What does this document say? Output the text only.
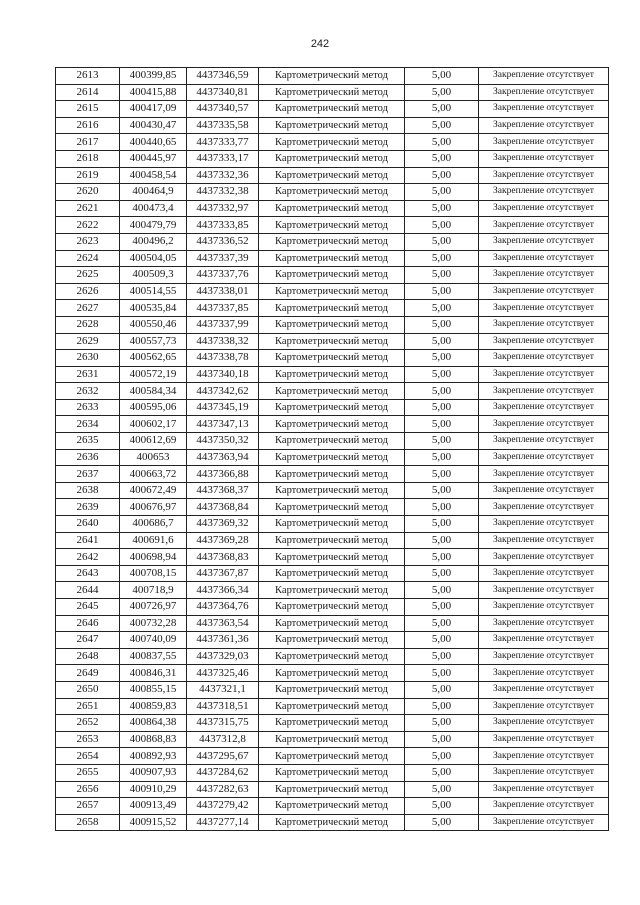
242
2613	400399,85	4437346,59	Картометрический метод	5,00	Закрепление отсутствует
2614	400415,88	4437340,81	Картометрический метод	5,00	Закрепление отсутствует
2615	400417,09	4437340,57	Картометрический метод	5,00	Закрепление отсутствует
2616	400430,47	4437335,58	Картометрический метод	5,00	Закрепление отсутствует
2617	400440,65	4437333,77	Картометрический метод	5,00	Закрепление отсутствует
2618	400445,97	4437333,17	Картометрический метод	5,00	Закрепление отсутствует
2619	400458,54	4437332,36	Картометрический метод	5,00	Закрепление отсутствует
2620	400464,9	4437332,38	Картометрический метод	5,00	Закрепление отсутствует
2621	400473,4	4437332,97	Картометрический метод	5,00	Закрепление отсутствует
2622	400479,79	4437333,85	Картометрический метод	5,00	Закрепление отсутствует
2623	400496,2	4437336,52	Картометрический метод	5,00	Закрепление отсутствует
2624	400504,05	4437337,39	Картометрический метод	5,00	Закрепление отсутствует
2625	400509,3	4437337,76	Картометрический метод	5,00	Закрепление отсутствует
2626	400514,55	4437338,01	Картометрический метод	5,00	Закрепление отсутствует
2627	400535,84	4437337,85	Картометрический метод	5,00	Закрепление отсутствует
2628	400550,46	4437337,99	Картометрический метод	5,00	Закрепление отсутствует
2629	400557,73	4437338,32	Картометрический метод	5,00	Закрепление отсутствует
2630	400562,65	4437338,78	Картометрический метод	5,00	Закрепление отсутствует
2631	400572,19	4437340,18	Картометрический метод	5,00	Закрепление отсутствует
2632	400584,34	4437342,62	Картометрический метод	5,00	Закрепление отсутствует
2633	400595,06	4437345,19	Картометрический метод	5,00	Закрепление отсутствует
2634	400602,17	4437347,13	Картометрический метод	5,00	Закрепление отсутствует
2635	400612,69	4437350,32	Картометрический метод	5,00	Закрепление отсутствует
2636	400653	4437363,94	Картометрический метод	5,00	Закрепление отсутствует
2637	400663,72	4437366,88	Картометрический метод	5,00	Закрепление отсутствует
2638	400672,49	4437368,37	Картометрический метод	5,00	Закрепление отсутствует
2639	400676,97	4437368,84	Картометрический метод	5,00	Закрепление отсутствует
2640	400686,7	4437369,32	Картометрический метод	5,00	Закрепление отсутствует
2641	400691,6	4437369,28	Картометрический метод	5,00	Закрепление отсутствует
2642	400698,94	4437368,83	Картометрический метод	5,00	Закрепление отсутствует
2643	400708,15	4437367,87	Картометрический метод	5,00	Закрепление отсутствует
2644	400718,9	4437366,34	Картометрический метод	5,00	Закрепление отсутствует
2645	400726,97	4437364,76	Картометрический метод	5,00	Закрепление отсутствует
2646	400732,28	4437363,54	Картометрический метод	5,00	Закрепление отсутствует
2647	400740,09	4437361,36	Картометрический метод	5,00	Закрепление отсутствует
2648	400837,55	4437329,03	Картометрический метод	5,00	Закрепление отсутствует
2649	400846,31	4437325,46	Картометрический метод	5,00	Закрепление отсутствует
2650	400855,15	4437321,1	Картометрический метод	5,00	Закрепление отсутствует
2651	400859,83	4437318,51	Картометрический метод	5,00	Закрепление отсутствует
2652	400864,38	4437315,75	Картометрический метод	5,00	Закрепление отсутствует
2653	400868,83	4437312,8	Картометрический метод	5,00	Закрепление отсутствует
2654	400892,93	4437295,67	Картометрический метод	5,00	Закрепление отсутствует
2655	400907,93	4437284,62	Картометрический метод	5,00	Закрепление отсутствует
2656	400910,29	4437282,63	Картометрический метод	5,00	Закрепление отсутствует
2657	400913,49	4437279,42	Картометрический метод	5,00	Закрепление отсутствует
2658	400915,52	4437277,14	Картометрический метод	5,00	Закрепление отсутствует
